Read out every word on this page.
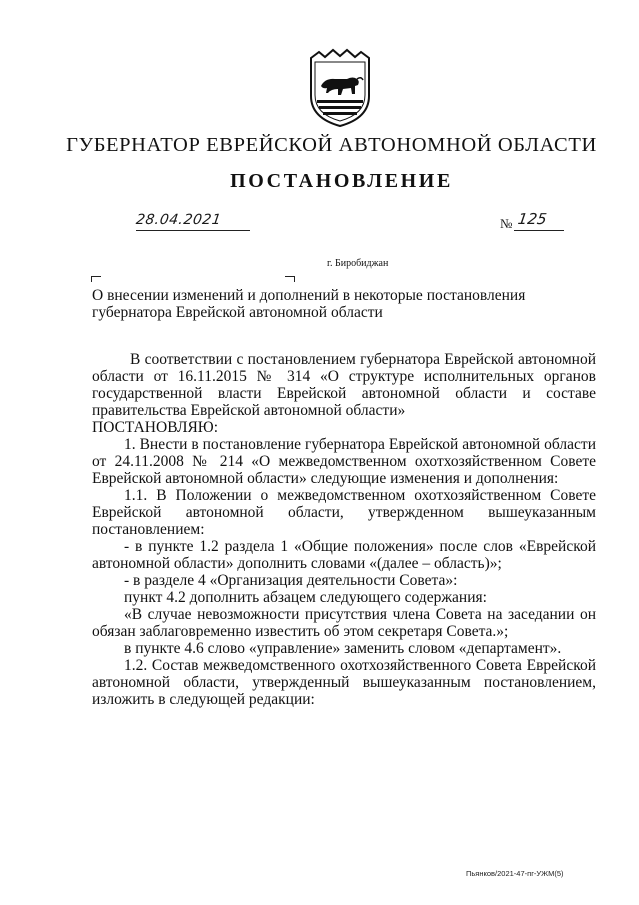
ГУБЕРНАТОР ЕВРЕЙСКОЙ АВТОНОМНОЙ ОБЛАСТИ
ПОСТАНОВЛЕНИЕ
28.04.2021	№ 125
г. Биробиджан
О внесении изменений и дополнений в некоторые постановления губернатора Еврейской автономной области

В соответствии с постановлением губернатора Еврейской автономной области от 16.11.2015 № 314 «О структуре исполнительных органов государственной власти Еврейской автономной области и составе правительства Еврейской автономной области»

ПОСТАНОВЛЯЮ:

1. Внести в постановление губернатора Еврейской автономной области от 24.11.2008 № 214 «О межведомственном охотхозяйственном Совете Еврейской автономной области» следующие изменения и дополнения:

1.1. В Положении о межведомственном охотхозяйственном Совете Еврейской автономной области, утвержденном вышеуказанным постановлением:

- в пункте 1.2 раздела 1 «Общие положения» после слов «Еврейской автономной области» дополнить словами «(далее – область)»;

- в разделе 4 «Организация деятельности Совета»:

пункт 4.2 дополнить абзацем следующего содержания:

«В случае невозможности присутствия члена Совета на заседании он обязан заблаговременно известить об этом секретаря Совета.»;

в пункте 4.6 слово «управление» заменить словом «департамент».

1.2. Состав межведомственного охотхозяйственного Совета Еврейской автономной области, утвержденный вышеуказанным постановлением, изложить в следующей редакции:

Пьянков/2021-47-пг-УЖМ(5)
